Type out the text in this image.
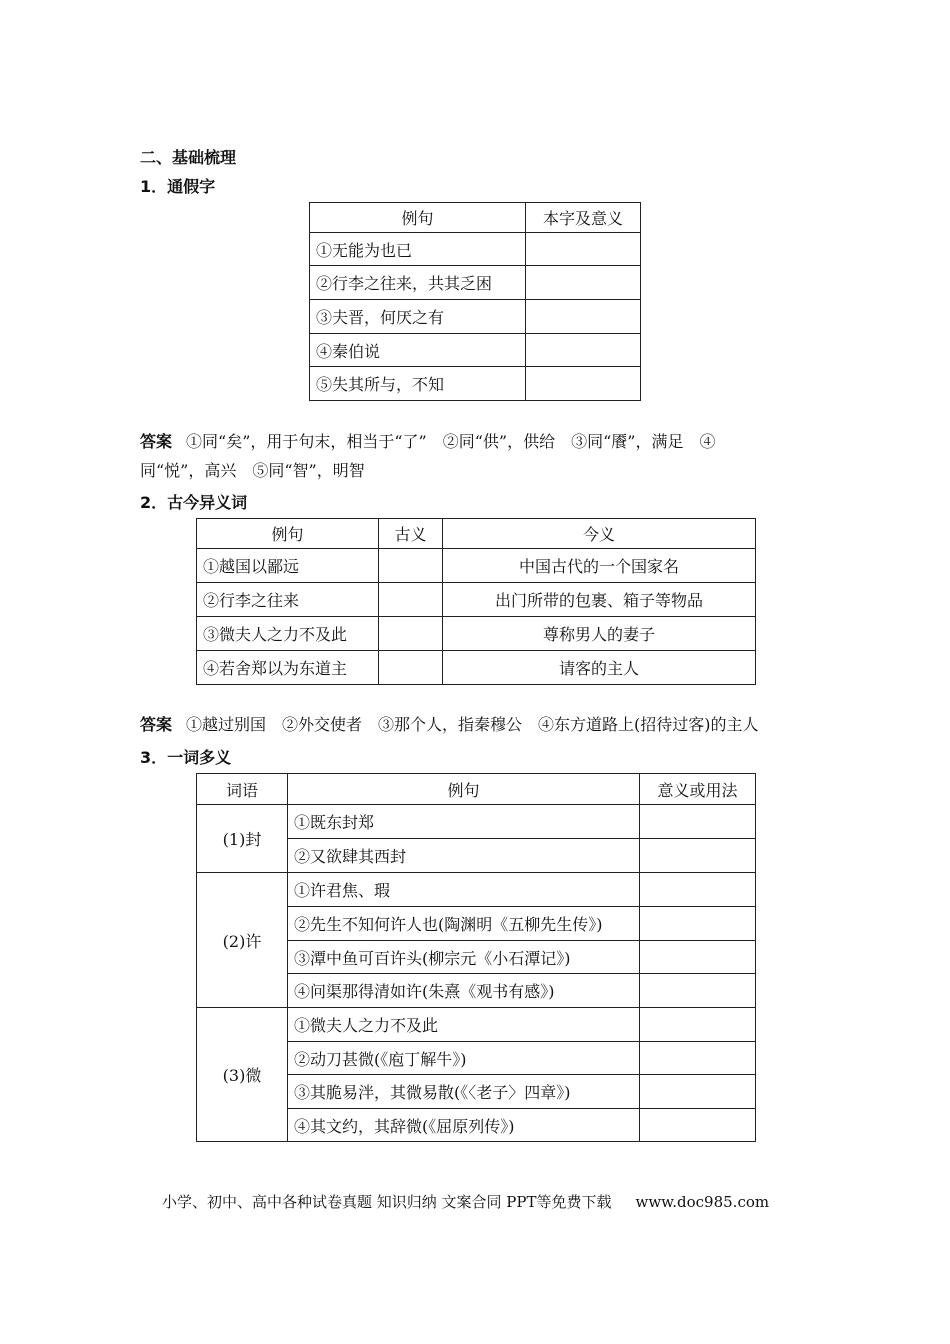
二、基础梳理
1．通假字
例句	本字及意义
①无能为也已	
②行李之往来，共其乏困	
③夫晋，何厌之有	
④秦伯说	
⑤失其所与，不知	
答案 ①同“矣”，用于句末，相当于“了”　②同“供”，供给　③同“餍”，满足　④
同“悦”，高兴　⑤同“智”，明智
2．古今异义词
例句	古义	今义
①越国以鄙远		中国古代的一个国家名
②行李之往来		出门所带的包裹、箱子等物品
③微夫人之力不及此		尊称男人的妻子
④若舍郑以为东道主		请客的主人
答案 ①越过别国　②外交使者　③那个人，指秦穆公　④东方道路上(招待过客)的主人
3．一词多义
词语	例句	意义或用法
(1)封	①既东封郑	
	②又欲肆其西封	
(2)许	①许君焦、瑕	
	②先生不知何许人也(陶渊明《五柳先生传》)	
	③潭中鱼可百许头(柳宗元《小石潭记》)	
	④问渠那得清如许(朱熹《观书有感》)	
(3)微	①微夫人之力不及此	
	②动刀甚微(《庖丁解牛》)	
	③其脆易泮，其微易散(《〈老子〉四章》)	
	④其文约，其辞微(《屈原列传》)	
小学、初中、高中各种试卷真题 知识归纳 文案合同 PPT等免费下载 www.doc985.com
